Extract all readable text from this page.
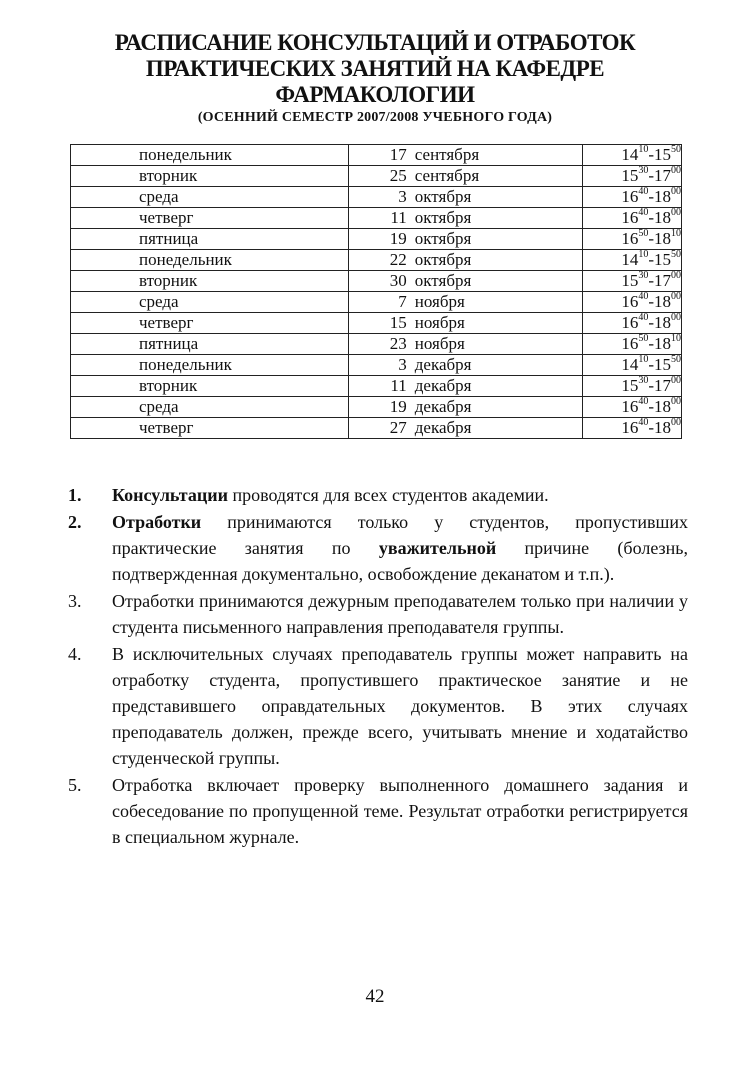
РАСПИСАНИЕ КОНСУЛЬТАЦИЙ И ОТРАБОТОК
ПРАКТИЧЕСКИХ ЗАНЯТИЙ НА КАФЕДРЕ
ФАРМАКОЛОГИИ
(ОСЕННИЙ СЕМЕСТР 2007/2008 УЧЕБНОГО ГОДА)
понедельник	17 сентября	$14^{10}-15^{50}$
вторник	25 сентября	$15^{30}-17^{00}$
среда	3 октября	$16^{40}-18^{00}$
четверг	11 октября	$16^{40}-18^{00}$
пятница	19 октября	$16^{50}-18^{10}$
понедельник	22 октября	$14^{10}-15^{50}$
вторник	30 октября	$15^{30}-17^{00}$
среда	7 ноября	$16^{40}-18^{00}$
четверг	15 ноября	$16^{40}-18^{00}$
пятница	23 ноября	$16^{50}-18^{10}$
понедельник	3 декабря	$14^{10}-15^{50}$
вторник	11 декабря	$15^{30}-17^{00}$
среда	19 декабря	$16^{40}-18^{00}$
четверг	27 декабря	$16^{40}-18^{00}$
1. Консультации проводятся для всех студентов академии.
2. Отработки принимаются только у студентов, пропустивших практические занятия по уважительной причине (болезнь, подтвержденная документально, освобождение деканатом и т.п.).
3. Отработки принимаются дежурным преподавателем только при наличии у студента письменного направления преподавателя группы.
4. В исключительных случаях преподаватель группы может направить на отработку студента, пропустившего практическое занятие и не представившего оправдательных документов. В этих случаях преподаватель должен, прежде всего, учитывать мнение и ходатайство студенческой группы.
5. Отработка включает проверку выполненного домашнего задания и собеседование по пропущенной теме. Результат отработки регистрируется в специальном журнале.
42
